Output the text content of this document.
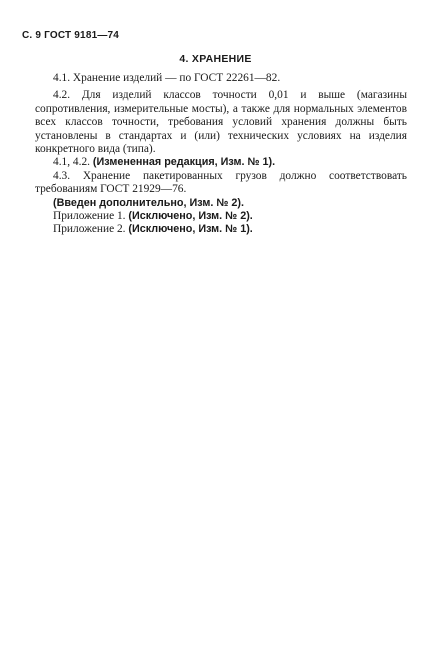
С. 9 ГОСТ 9181—74
4. ХРАНЕНИЕ

4.1. Хранение изделий — по ГОСТ 22261—82.

4.2. Для изделий классов точности 0,01 и выше (магазины сопротивления, измерительные мосты), а также для нормальных элементов всех классов точности, требования условий хранения должны быть установлены в стандартах и (или) технических условиях на изделия конкретного вида (типа).

4.1, 4.2. (Измененная редакция, Изм. № 1).

4.3. Хранение пакетированных грузов должно соответствовать требованиям ГОСТ 21929—76.

(Введен дополнительно, Изм. № 2).

Приложение 1. (Исключено, Изм. № 2).

Приложение 2. (Исключено, Изм. № 1).
